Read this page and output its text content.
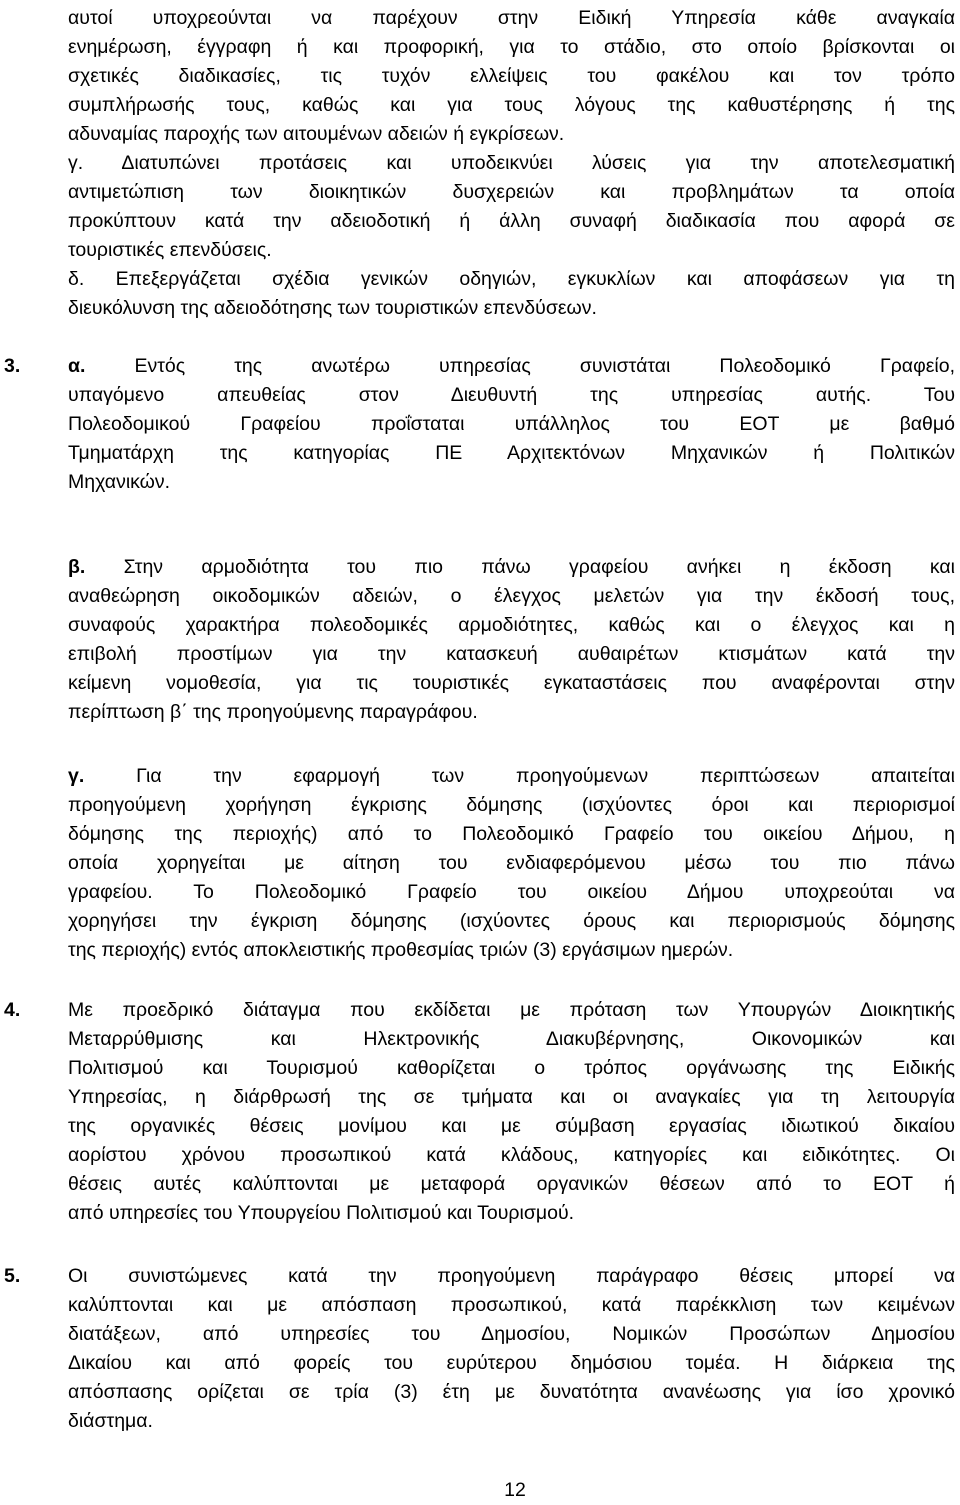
αυτοί υποχρεούνται να παρέχουν στην Ειδική Υπηρεσία κάθε αναγκαία
ενημέρωση, έγγραφη ή και προφορική, για το στάδιο, στο οποίο βρίσκονται οι
σχετικές διαδικασίες, τις τυχόν ελλείψεις του φακέλου και τον τρόπο
συμπλήρωσής τους, καθώς και για τους λόγους της καθυστέρησης ή της
αδυναμίας παροχής των αιτουμένων αδειών ή εγκρίσεων.
γ. Διατυπώνει προτάσεις και υποδεικνύει λύσεις για την αποτελεσματική
αντιμετώπιση των διοικητικών δυσχερειών και προβλημάτων τα οποία
προκύπτουν κατά την αδειοδοτική ή άλλη συναφή διαδικασία που αφορά σε
τουριστικές επενδύσεις.
δ. Επεξεργάζεται σχέδια γενικών οδηγιών, εγκυκλίων και αποφάσεων για τη
διευκόλυνση της αδειοδότησης των τουριστικών επενδύσεων.
3. α.	Εντός της ανωτέρω υπηρεσίας συνιστάται Πολεοδομικό Γραφείο,
υπαγόμενο απευθείας στον Διευθυντή της υπηρεσίας αυτής. Του
Πολεοδομικού Γραφείου προΐσταται υπάλληλος του ΕΟΤ με βαθμό
Τμηματάρχη της κατηγορίας ΠΕ Αρχιτεκτόνων Μηχανικών ή Πολιτικών
Μηχανικών.
β. Στην αρμοδιότητα του πιο πάνω γραφείου ανήκει η έκδοση και
αναθεώρηση οικοδομικών αδειών, ο έλεγχος μελετών για την έκδοσή τους,
συναφούς χαρακτήρα πολεοδομικές αρμοδιότητες, καθώς και ο έλεγχος και η
επιβολή προστίμων για την κατασκευή αυθαιρέτων κτισμάτων κατά την
κείμενη νομοθεσία, για τις τουριστικές εγκαταστάσεις που αναφέρονται στην
περίπτωση β΄ της προηγούμενης παραγράφου.
γ.	Για την εφαρμογή των προηγούμενων περιπτώσεων απαιτείται
προηγούμενη χορήγηση έγκρισης δόμησης (ισχύοντες όροι και περιορισμοί
δόμησης της περιοχής) από το Πολεοδομικό Γραφείο του οικείου Δήμου, η
οποία χορηγείται με αίτηση του ενδιαφερόμενου μέσω του πιο πάνω
γραφείου. Το Πολεοδομικό Γραφείο του οικείου Δήμου υποχρεούται να
χορηγήσει την έγκριση δόμησης (ισχύοντες όρους και περιορισμούς δόμησης
της περιοχής) εντός αποκλειστικής προθεσμίας τριών (3) εργάσιμων ημερών.
4. Με προεδρικό διάταγμα που εκδίδεται με πρόταση των Υπουργών Διοικητικής
Μεταρρύθμισης και Ηλεκτρονικής Διακυβέρνησης, Οικονομικών και
Πολιτισμού και Τουρισμού καθορίζεται ο τρόπος οργάνωσης της Ειδικής
Υπηρεσίας, η διάρθρωσή της σε τμήματα και οι αναγκαίες για τη λειτουργία
της οργανικές θέσεις μονίμου και με σύμβαση εργασίας ιδιωτικού δικαίου
αορίστου χρόνου προσωπικού κατά κλάδους, κατηγορίες και ειδικότητες. Οι
θέσεις αυτές καλύπτονται με μεταφορά οργανικών θέσεων από το ΕΟΤ ή
από υπηρεσίες του Υπουργείου Πολιτισμού και Τουρισμού.
5. Οι συνιστώμενες κατά την προηγούμενη παράγραφο θέσεις μπορεί να
καλύπτονται και με απόσπαση προσωπικού, κατά παρέκκλιση των κειμένων
διατάξεων, από υπηρεσίες του Δημοσίου, Νομικών Προσώπων Δημοσίου
Δικαίου και από φορείς του ευρύτερου δημόσιου τομέα. Η διάρκεια της
απόσπασης ορίζεται σε τρία (3) έτη με δυνατότητα ανανέωσης για ίσο χρονικό
διάστημα.
12
